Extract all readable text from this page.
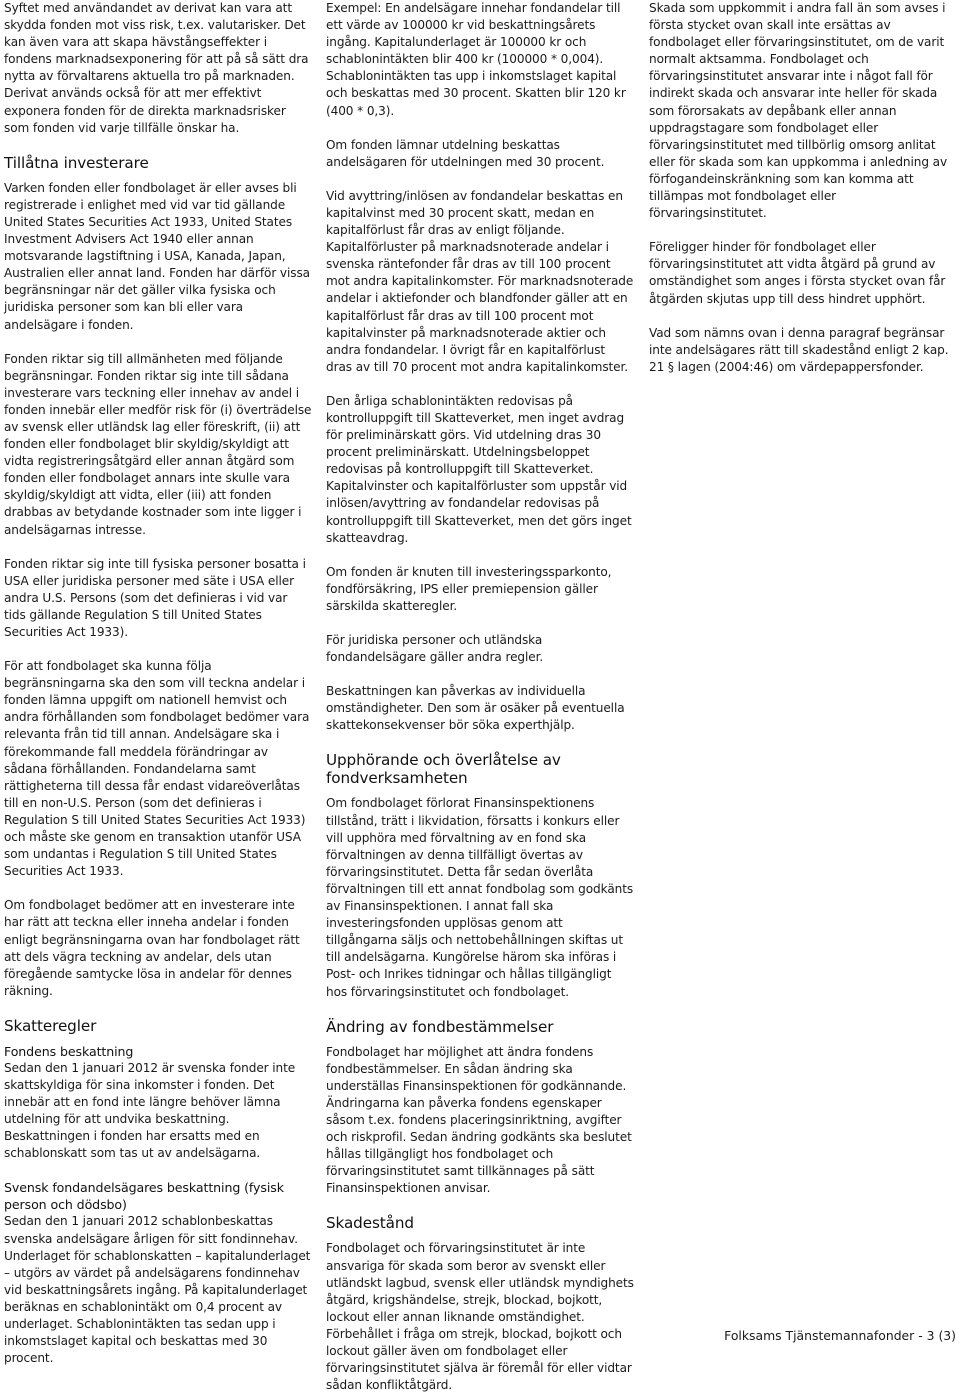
Syftet med användandet av derivat kan vara att skydda fonden mot viss risk, t.ex. valutarisker. Det kan även vara att skapa hävstångseffekter i fondens marknadsexponering för att på så sätt dra nytta av förvaltarens aktuella tro på marknaden. Derivat används också för att mer effektivt exponera fonden för de direkta marknadsrisker som fonden vid varje tillfälle önskar ha.

Tillåtna investerare

Varken fonden eller fondbolaget är eller avses bli registrerade i enlighet med vid var tid gällande United States Securities Act 1933, United States Investment Advisers Act 1940 eller annan motsvarande lagstiftning i USA, Kanada, Japan, Australien eller annat land. Fonden har därför vissa begränsningar när det gäller vilka fysiska och juridiska personer som kan bli eller vara andelsägare i fonden.

Fonden riktar sig till allmänheten med följande begränsningar. Fonden riktar sig inte till sådana investerare vars teckning eller innehav av andel i fonden innebär eller medför risk för (i) överträdelse av svensk eller utländsk lag eller föreskrift, (ii) att fonden eller fondbolaget blir skyldig/skyldigt att vidta registreringsåtgärd eller annan åtgärd som fonden eller fondbolaget annars inte skulle vara skyldig/skyldigt att vidta, eller (iii) att fonden drabbas av betydande kostnader som inte ligger i andelsägarnas intresse.

Fonden riktar sig inte till fysiska personer bosatta i USA eller juridiska personer med säte i USA eller andra U.S. Persons (som det definieras i vid var tids gällande Regulation S till United States Securities Act 1933).

För att fondbolaget ska kunna följa begränsningarna ska den som vill teckna andelar i fonden lämna uppgift om nationell hemvist och andra förhållanden som fondbolaget bedömer vara relevanta från tid till annan. Andelsägare ska i förekommande fall meddela förändringar av sådana förhållanden. Fondandelarna samt rättigheterna till dessa får endast vidareöverlåtas till en non-U.S. Person (som det definieras i Regulation S till United States Securities Act 1933) och måste ske genom en transaktion utanför USA som undantas i Regulation S till United States Securities Act 1933.

Om fondbolaget bedömer att en investerare inte har rätt att teckna eller inneha andelar i fonden enligt begränsningarna ovan har fondbolaget rätt att dels vägra teckning av andelar, dels utan föregående samtycke lösa in andelar för dennes räkning.

Skatteregler
Fondens beskattning

Sedan den 1 januari 2012 är svenska fonder inte skattskyldiga för sina inkomster i fonden. Det innebär att en fond inte längre behöver lämna utdelning för att undvika beskattning. Beskattningen i fonden har ersatts med en schablonskatt som tas ut av andelsägarna.

Svensk fondandelsägares beskattning (fysisk person och dödsbo)

Sedan den 1 januari 2012 schablonbeskattas svenska andelsägare årligen för sitt fondinnehav. Underlaget för schablonskatten – kapitalunderlaget – utgörs av värdet på andelsägarens fondinnehav vid beskattningsårets ingång. På kapitalunderlaget beräknas en schablonintäkt om 0,4 procent av underlaget. Schablonintäkten tas sedan upp i inkomstslaget kapital och beskattas med 30 procent.

Exempel: En andelsägare innehar fondandelar till ett värde av 100000 kr vid beskattningsårets ingång. Kapitalunderlaget är 100000 kr och schablonintäkten blir 400 kr (100000 * 0,004). Schablonintäkten tas upp i inkomstslaget kapital och beskattas med 30 procent. Skatten blir 120 kr (400 * 0,3).

Om fonden lämnar utdelning beskattas andelsägaren för utdelningen med 30 procent.

Vid avyttring/inlösen av fondandelar beskattas en kapitalvinst med 30 procent skatt, medan en kapitalförlust får dras av enligt följande. Kapitalförluster på marknadsnoterade andelar i svenska räntefonder får dras av till 100 procent mot andra kapitalinkomster. För marknadsnoterade andelar i aktiefonder och blandfonder gäller att en kapitalförlust får dras av till 100 procent mot kapitalvinster på marknadsnoterade aktier och andra fondandelar. I övrigt får en kapitalförlust dras av till 70 procent mot andra kapitalinkomster.

Den årliga schablonintäkten redovisas på kontrolluppgift till Skatteverket, men inget avdrag för preliminärskatt görs. Vid utdelning dras 30 procent preliminärskatt. Utdelningsbeloppet redovisas på kontrolluppgift till Skatteverket. Kapitalvinster och kapitalförluster som uppstår vid inlösen/avyttring av fondandelar redovisas på kontrolluppgift till Skatteverket, men det görs inget skatteavdrag.

Om fonden är knuten till investeringssparkonto, fondförsäkring, IPS eller premiepension gäller särskilda skatteregler.

För juridiska personer och utländska fondandelsägare gäller andra regler.

Beskattningen kan påverkas av individuella omständigheter. Den som är osäker på eventuella skattekonsekvenser bör söka experthjälp.

Upphörande och överlåtelse av fondverksamheten

Om fondbolaget förlorat Finansinspektionens tillstånd, trätt i likvidation, försatts i konkurs eller vill upphöra med förvaltning av en fond ska förvaltningen av denna tillfälligt övertas av förvaringsinstitutet. Detta får sedan överlåta förvaltningen till ett annat fondbolag som godkänts av Finansinspektionen. I annat fall ska investeringsfonden upplösas genom att tillgångarna säljs och nettobehållningen skiftas ut till andelsägarna. Kungörelse härom ska införas i Post- och Inrikes tidningar och hållas tillgängligt hos förvaringsinstitutet och fondbolaget.

Ändring av fondbestämmelser

Fondbolaget har möjlighet att ändra fondens fondbestämmelser. En sådan ändring ska underställas Finansinspektionen för godkännande. Ändringarna kan påverka fondens egenskaper såsom t.ex. fondens placeringsinriktning, avgifter och riskprofil. Sedan ändring godkänts ska beslutet hållas tillgängligt hos fondbolaget och förvaringsinstitutet samt tillkännages på sätt Finansinspektionen anvisar.

Skadestånd

Fondbolaget och förvaringsinstitutet är inte ansvariga för skada som beror av svenskt eller utländskt lagbud, svensk eller utländsk myndighets åtgärd, krigshändelse, strejk, blockad, bojkott, lockout eller annan liknande omständighet. Förbehållet i fråga om strejk, blockad, bojkott och lockout gäller även om fondbolaget eller förvaringsinstitutet själva är föremål för eller vidtar sådan konfliktåtgärd.

Skada som uppkommit i andra fall än som avses i första stycket ovan skall inte ersättas av fondbolaget eller förvaringsinstitutet, om de varit normalt aktsamma. Fondbolaget och förvaringsinstitutet ansvarar inte i något fall för indirekt skada och ansvarar inte heller för skada som förorsakats av depåbank eller annan uppdragstagare som fondbolaget eller förvaringsinstitutet med tillbörlig omsorg anlitat eller för skada som kan uppkomma i anledning av förfogandeinskränkning som kan komma att tillämpas mot fondbolaget eller förvaringsinstitutet.

Föreligger hinder för fondbolaget eller förvaringsinstitutet att vidta åtgärd på grund av omständighet som anges i första stycket ovan får åtgärden skjutas upp till dess hindret upphört.

Vad som nämns ovan i denna paragraf begränsar inte andelsägares rätt till skadestånd enligt 2 kap. 21 § lagen (2004:46) om värdepappersfonder.

Folksams Tjänstemannafonder - 3 (3)
